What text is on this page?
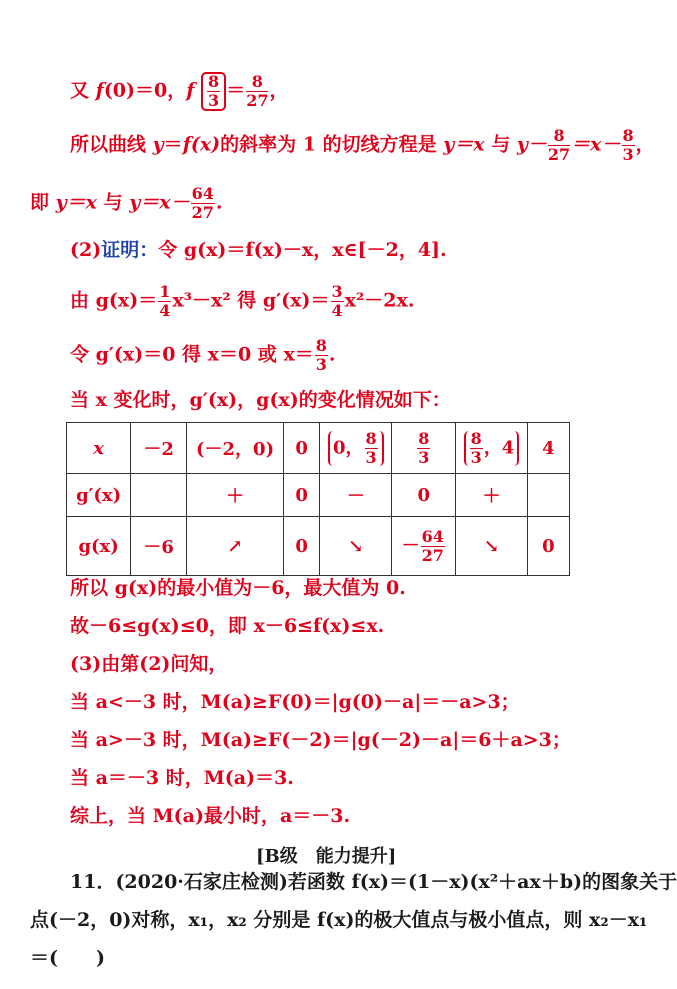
又 f(0)＝0，f $\frac{8}{3} = \frac{8}{27}$ ，
所以曲线 y＝f(x)的斜率为 1 的切线方程是 y＝x 与 $y- \frac{8}{27} =x- \frac{8}{3}$ ，
即 y＝x 与 $y=x- \frac{64}{27}$ .
(2)证明：令 g(x)＝f(x)－x，x∈[－2，4].
由 $g(x)= \frac{1}{4} x^3-x^2$ 得 $g'(x)= \frac{3}{4} x^2-2x$.
令 g′(x)＝0 得 x＝0 或 $x= \frac{8}{3}$ .
当 x 变化时，g′(x)，g(x)的变化情况如下：
x	－2	(－2，0)	0	0， $\frac{8}{3}$	$\frac{8}{3}$	$\frac{8}{3}$ ，4	4
g′(x)		＋	0	－	0	＋	
g(x)	－6	↗	0	↘	－ $\frac{64}{27}$	↘	0
所以 g(x)的最小值为－6，最大值为 0.
故－6≤g(x)≤0，即 x－6≤f(x)≤x.
(3)由第(2)问知，
当 a<－3 时，M(a)≥F(0)＝|g(0)－a|＝－a>3；
当 a>－3 时，M(a)≥F(－2)＝|g(－2)－a|＝6＋a>3；
当 a＝－3 时，M(a)＝3.
综上，当 M(a)最小时，a＝－3.
[B级　能力提升]
11．(2020·石家庄检测)若函数 f(x)＝(1－x)(x²＋ax＋b)的图象关于
点(－2，0)对称，x₁，x₂ 分别是 f(x)的极大值点与极小值点，则 x₂－x₁
＝(　　)
